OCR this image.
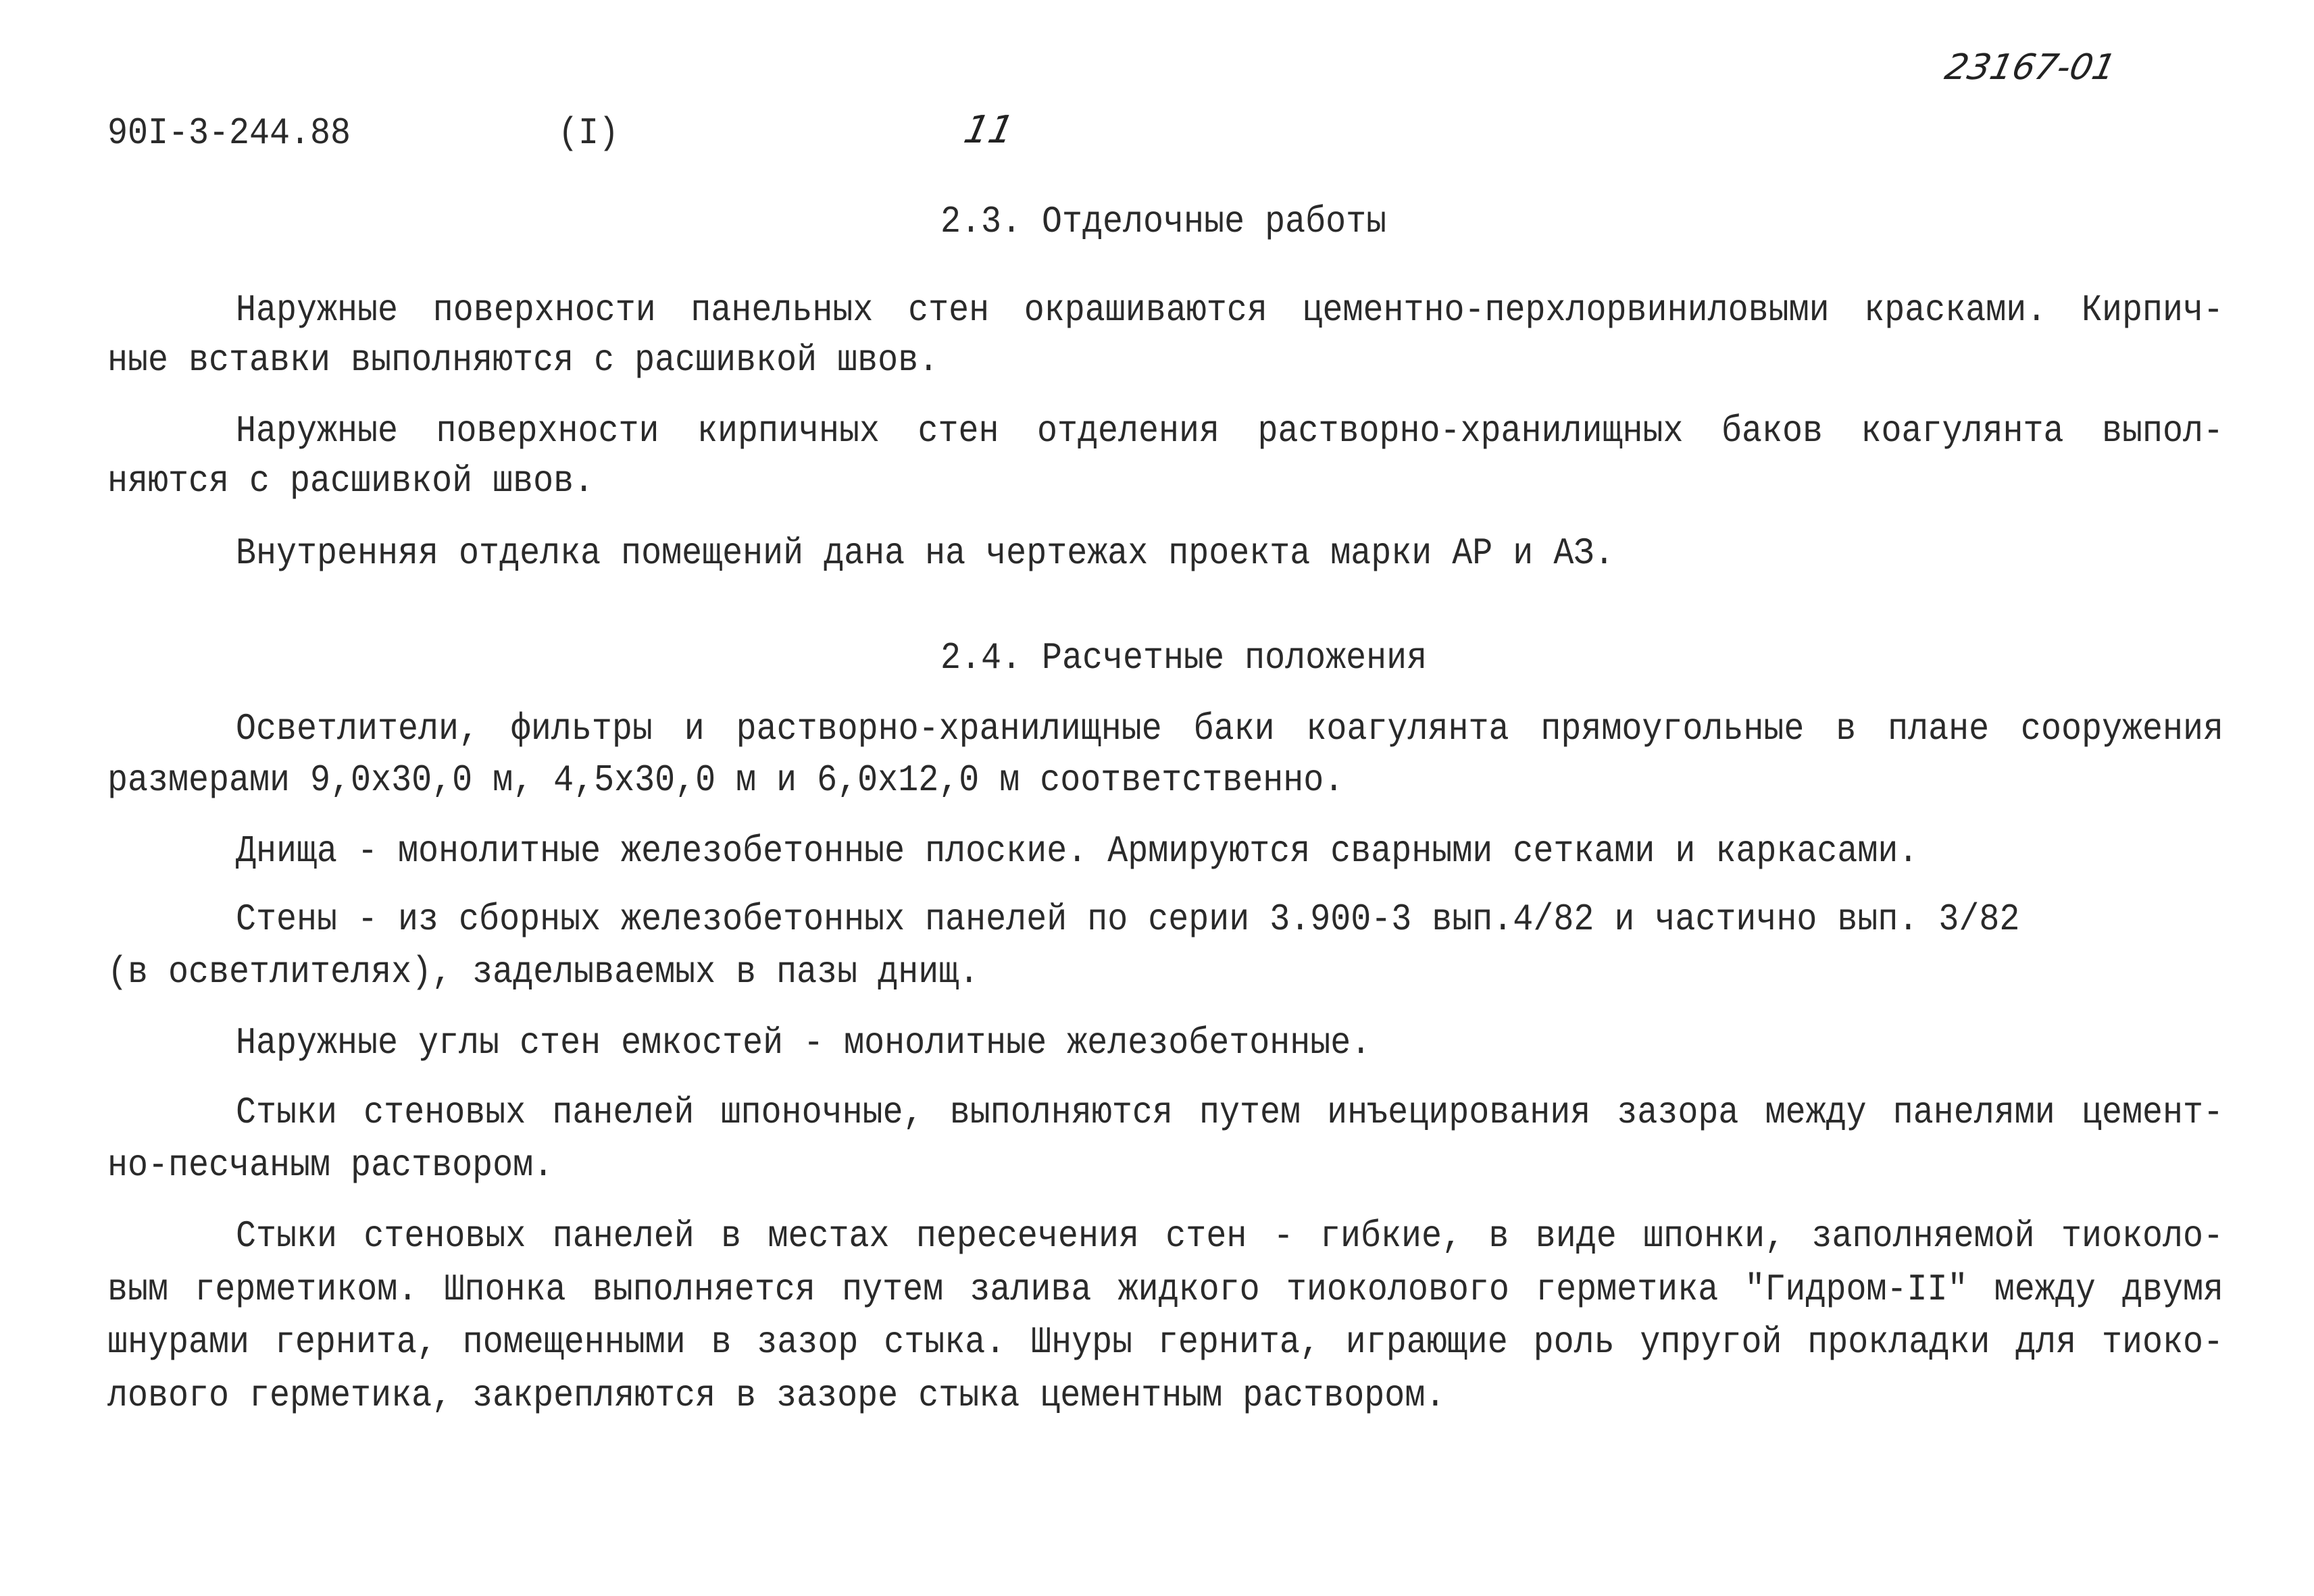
23167-01
90I-3-244.88	(I)	11
2.3. Отделочные работы
Наружные поверхности панельных стен окрашиваются цементно-перхлорвиниловыми красками. Кирпич-
ные вставки выполняются с расшивкой швов.
Наружные поверхности кирпичных стен отделения растворно-хранилищных баков коагулянта выпол-
няются с расшивкой швов.
Внутренняя отделка помещений дана на чертежах проекта марки АР и АЗ.
2.4. Расчетные положения
Осветлители, фильтры и растворно-хранилищные баки коагулянта прямоугольные в плане сооружения
размерами 9,0х30,0 м, 4,5х30,0 м и 6,0х12,0 м соответственно.
Днища - монолитные железобетонные плоские. Армируются сварными сетками и каркасами.
Стены - из сборных железобетонных панелей по серии 3.900-3 вып.4/82 и частично вып. 3/82
(в осветлителях), заделываемых в пазы днищ.
Наружные углы стен емкостей - монолитные железобетонные.
Стыки стеновых панелей шпоночные, выполняются путем инъецирования зазора между панелями цемент-
но-песчаным раствором.
Стыки стеновых панелей в местах пересечения стен - гибкие, в виде шпонки, заполняемой тиоколо-
вым герметиком. Шпонка выполняется путем залива жидкого тиоколового герметика "Гидром-II" между двумя
шнурами гернита, помещенными в зазор стыка. Шнуры гернита, играющие роль упругой прокладки для тиоко-
лового герметика, закрепляются в зазоре стыка цементным раствором.
